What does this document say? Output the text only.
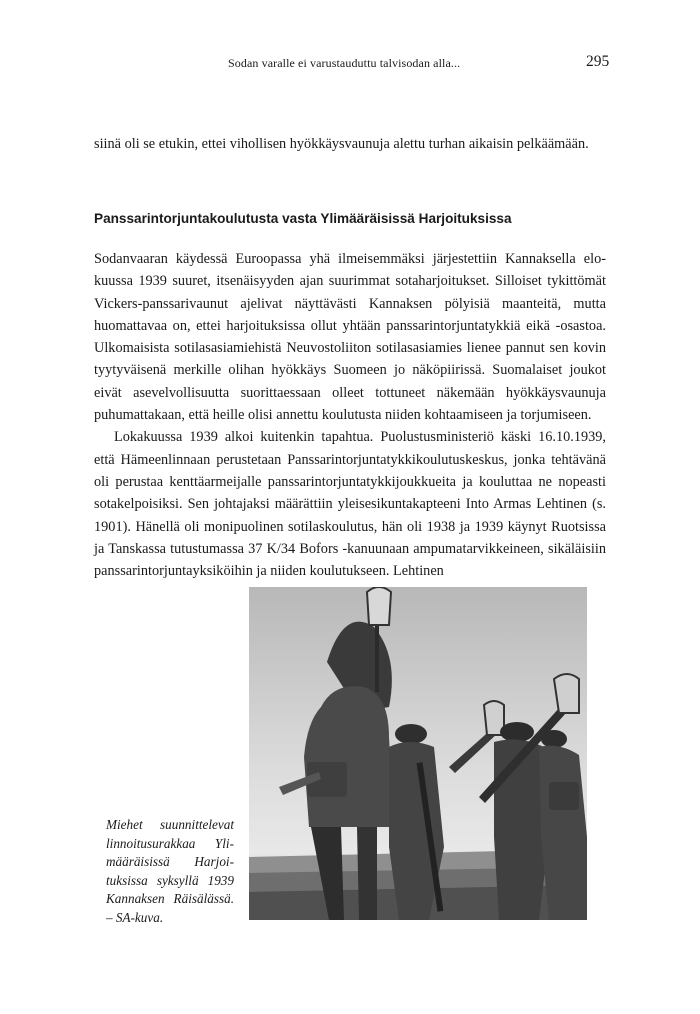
Sodan varalle ei varustauduttu talvisodan alla...	295
siinä oli se etukin, ettei vihollisen hyökkäysvaunuja alettu turhan aikaisin pelkäämään.
Panssarintorjuntakoulutusta vasta Ylimääräisissä Harjoituksissa

Sodanvaaran käydessä Euroopassa yhä ilmeisemmäksi järjestettiin Kannaksella elokuussa 1939 suuret, itsenäisyyden ajan suurimmat sotaharjoitukset. Silloiset tykittömät Vickers-panssarivaunut ajelivat näyttävästi Kannaksen pölyisiä maanteitä, mutta huomattavaa on, ettei harjoituksissa ollut yhtään panssarintorjuntatykkiä eikä -osastoa. Ulkomaisista sotilasasiamiehistä Neuvostoliiton sotilasasiamies lienee pannut sen kovin tyytyväisenä merkille olihan hyökkäys Suomeen jo näköpiirissä. Suomalaiset joukot eivät asevelvollisuutta suorittaessaan olleet tottuneet näkemään hyökkäysvaunuja puhumattakaan, että heille olisi annettu koulutusta niiden kohtaamiseen ja torjumiseen.

Lokakuussa 1939 alkoi kuitenkin tapahtua. Puolustusministeriö käski 16.10.1939, että Hämeenlinnaan perustetaan Panssarintorjuntatykkikoulutuskeskus, jonka tehtävänä oli perustaa kenttäarmeijalle panssarintorjuntatykkijoukkueita ja kouluttaa ne nopeasti sotakelpoisiksi. Sen johtajaksi määrättiin yleisesikuntakapteeni Into Armas Lehtinen (s. 1901). Hänellä oli monipuolinen sotilaskoulutus, hän oli 1938 ja 1939 käynyt Ruotsissa ja Tanskassa tutustumassa 37 K/34 Bofors -kanuunaan ampumatarvikkeineen, sikäläisiin panssarintorjuntayksiköihin ja niiden koulutukseen. Lehtinen

Miehet suunnittelevat linnoitusurakkaa Ylimääräisissä Harjoituksissa syksyllä 1939 Kannaksen Räisälässä. – SA-kuva.
